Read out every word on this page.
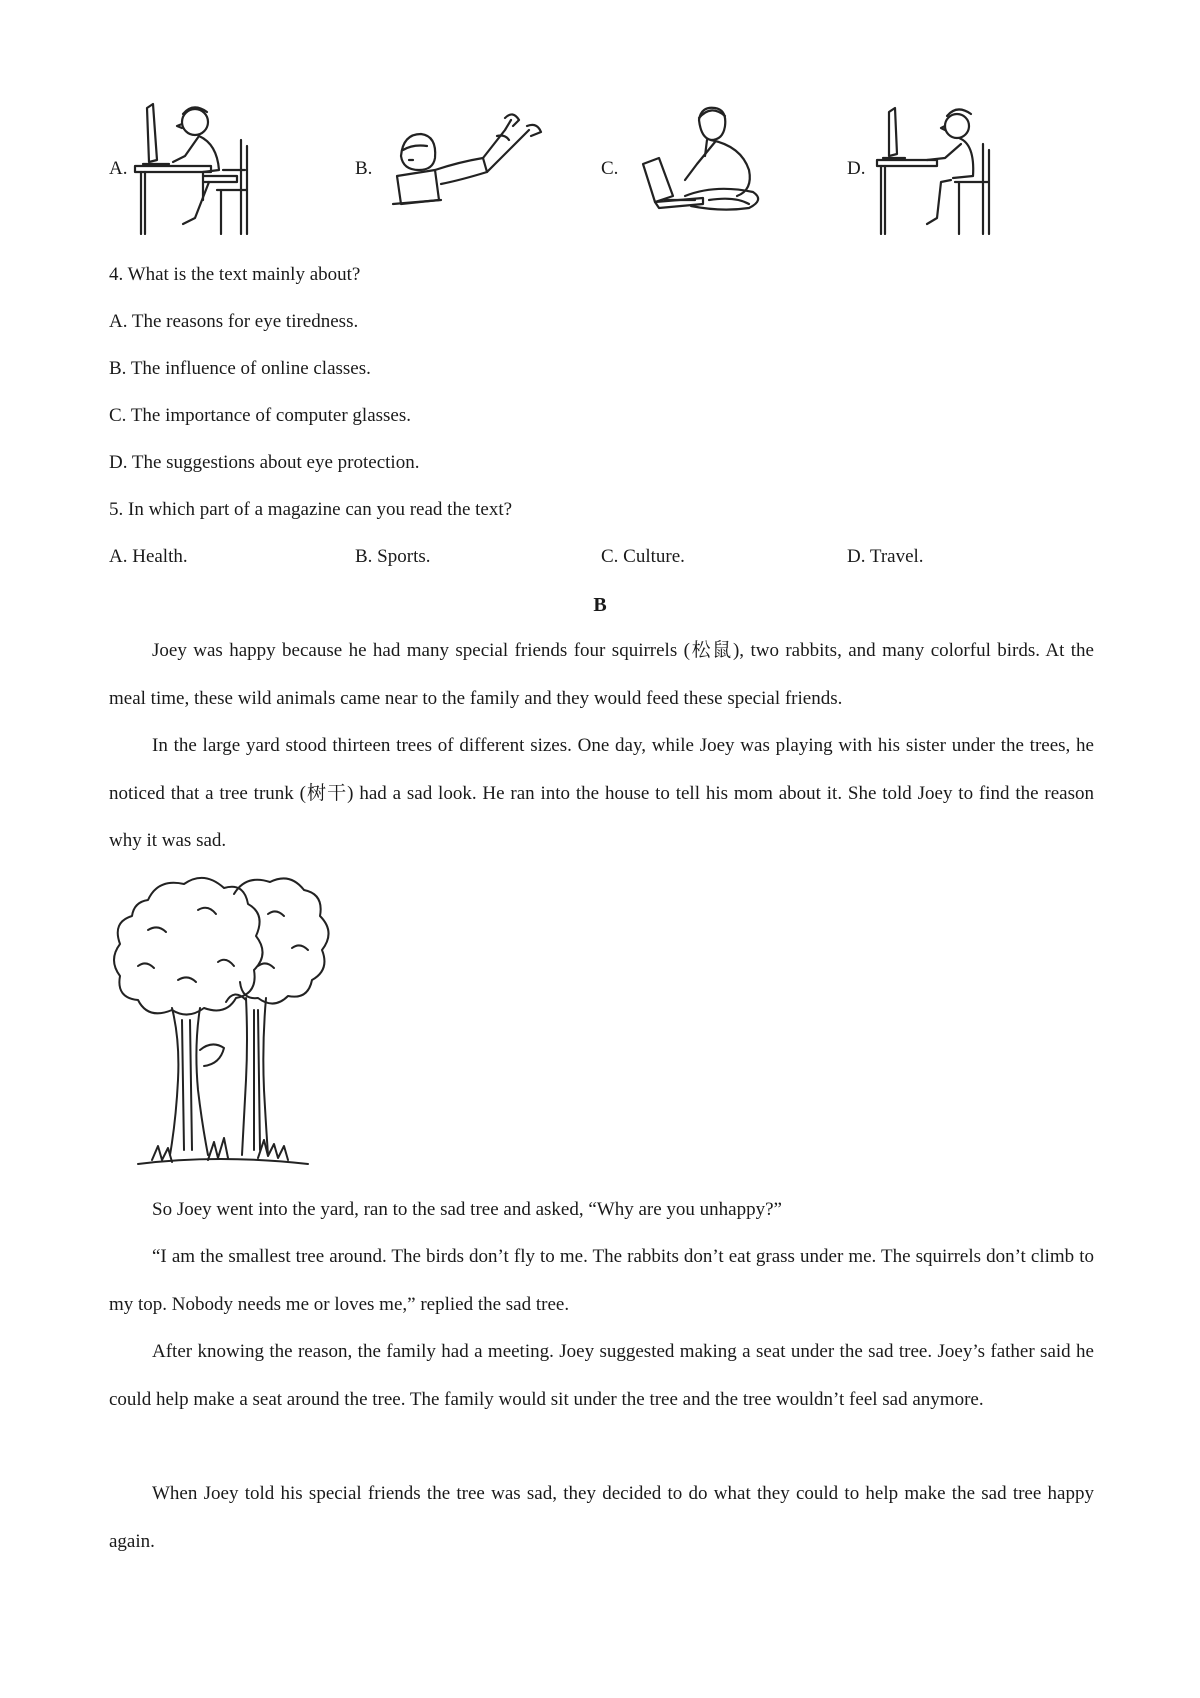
A.	B.	C.	D.
4. What is the text mainly about?
A. The reasons for eye tiredness.
B. The influence of online classes.
C. The importance of computer glasses.
D. The suggestions about eye protection.
5. In which part of a magazine can you read the text?
A. Health.	B. Sports.	C. Culture.	D. Travel.
B

Joey was happy because he had many special friends four squirrels (松鼠), two rabbits, and many colorful birds. At the meal time, these wild animals came near to the family and they would feed these special friends.

In the large yard stood thirteen trees of different sizes. One day, while Joey was playing with his sister under the trees, he noticed that a tree trunk (树干) had a sad look. He ran into the house to tell his mom about it. She told Joey to find the reason why it was sad.

So Joey went into the yard, ran to the sad tree and asked, “Why are you unhappy?”

“I am the smallest tree around. The birds don’t fly to me. The rabbits don’t eat grass under me. The squirrels don’t climb to my top. Nobody needs me or loves me,” replied the sad tree.

After knowing the reason, the family had a meeting. Joey suggested making a seat under the sad tree. Joey’s father said he could help make a seat around the tree. The family would sit under the tree and the tree wouldn’t feel sad anymore.

When Joey told his special friends the tree was sad, they decided to do what they could to help make the sad tree happy again.
